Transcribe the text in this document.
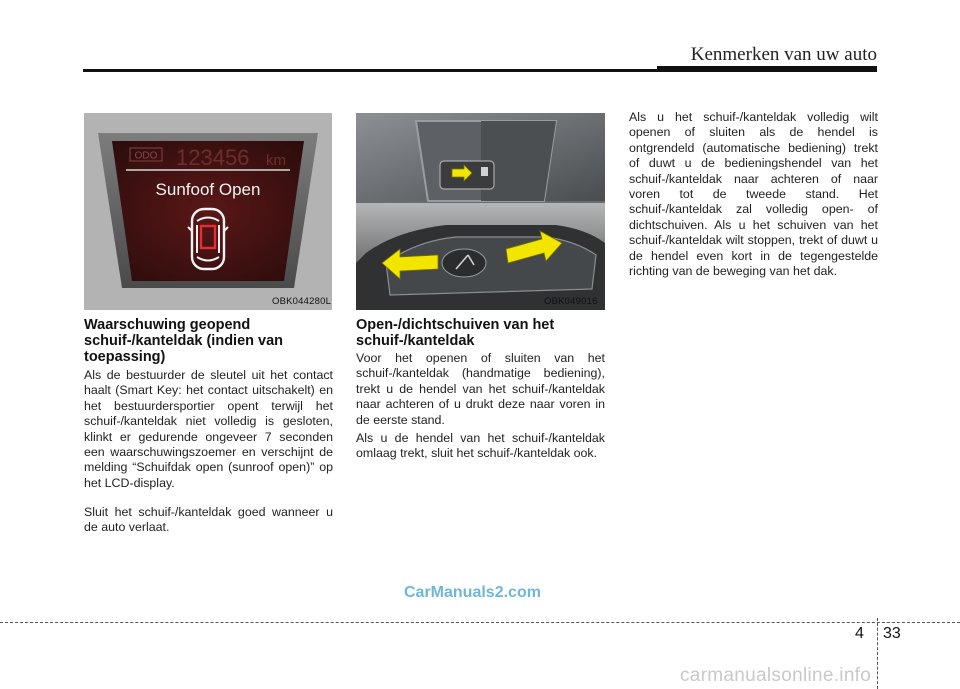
Kenmerken van uw auto
ODO 123456 km
Sunfoof Open
OBK044280L	OBK049016
Waarschuwing geopend schuif-/kanteldak (indien van toepassing)

Als de bestuurder de sleutel uit het contact haalt (Smart Key: het contact uitschakelt) en het bestuurdersportier opent terwijl het schuif-/kanteldak niet volledig is gesloten, klinkt er gedurende ongeveer 7 seconden een waarschuwingszoemer en verschijnt de melding “Schuifdak open (sunroof open)” op het LCD-display.

Sluit het schuif-/kanteldak goed wanneer u de auto verlaat.

Open-/dichtschuiven van het schuif-/kanteldak

Voor het openen of sluiten van het schuif-/kanteldak (handmatige bediening), trekt u de hendel van het schuif-/kanteldak naar achteren of u drukt deze naar voren in de eerste stand.

Als u de hendel van het schuif-/kanteldak omlaag trekt, sluit het schuif-/kanteldak ook.

Als u het schuif-/kanteldak volledig wilt openen of sluiten als de hendel is ontgrendeld (automatische bediening) trekt of duwt u de bedieningshendel van het schuif-/kanteldak naar achteren of naar voren tot de tweede stand. Het schuif-/kanteldak zal volledig open- of dichtschuiven. Als u het schuiven van het schuif-/kanteldak wilt stoppen, trekt of duwt u de hendel even kort in de tegengestelde richting van de beweging van het dak.

CarManuals2.com
4 33
carmanualsonline.info
